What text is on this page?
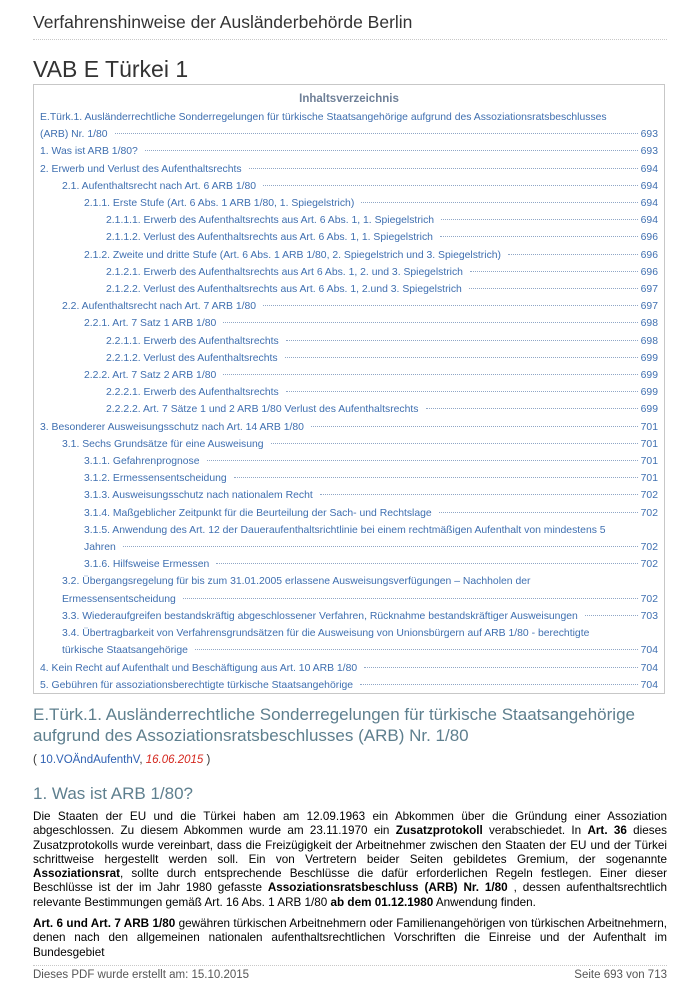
Verfahrenshinweise der Ausländerbehörde Berlin
VAB E Türkei 1
Inhaltsverzeichnis
E.Türk.1. Ausländerrechtliche Sonderregelungen für türkische Staatsangehörige aufgrund des Assoziationsratsbeschlusses
(ARB) Nr. 1/80	693
1. Was ist ARB 1/80?	693
2. Erwerb und Verlust des Aufenthaltsrechts	694
2.1. Aufenthaltsrecht nach Art. 6 ARB 1/80	694
2.1.1. Erste Stufe (Art. 6 Abs. 1 ARB 1/80, 1. Spiegelstrich)	694
2.1.1.1. Erwerb des Aufenthaltsrechts aus Art. 6 Abs. 1, 1. Spiegelstrich	694
2.1.1.2. Verlust des Aufenthaltsrechts aus Art. 6 Abs. 1, 1. Spiegelstrich	696
2.1.2. Zweite und dritte Stufe (Art. 6 Abs. 1 ARB 1/80, 2. Spiegelstrich und 3. Spiegelstrich)	696
2.1.2.1. Erwerb des Aufenthaltsrechts aus Art 6 Abs. 1, 2. und 3. Spiegelstrich	696
2.1.2.2. Verlust des Aufenthaltsrechts aus Art. 6 Abs. 1, 2.und 3. Spiegelstrich	697
2.2. Aufenthaltsrecht nach Art. 7 ARB 1/80	697
2.2.1. Art. 7 Satz 1 ARB 1/80	698
2.2.1.1. Erwerb des Aufenthaltsrechts	698
2.2.1.2. Verlust des Aufenthaltsrechts	699
2.2.2. Art. 7 Satz 2 ARB 1/80	699
2.2.2.1. Erwerb des Aufenthaltsrechts	699
2.2.2.2. Art. 7 Sätze 1 und 2 ARB 1/80 Verlust des Aufenthaltsrechts	699
3. Besonderer Ausweisungsschutz nach Art. 14 ARB 1/80	701
3.1. Sechs Grundsätze für eine Ausweisung	701
3.1.1. Gefahrenprognose	701
3.1.2. Ermessensentscheidung	701
3.1.3. Ausweisungsschutz nach nationalem Recht	702
3.1.4. Maßgeblicher Zeitpunkt für die Beurteilung der Sach- und Rechtslage	702
3.1.5. Anwendung des Art. 12 der Daueraufenthaltsrichtlinie bei einem rechtmäßigen Aufenthalt von mindestens 5
Jahren	702
3.1.6. Hilfsweise Ermessen	702
3.2. Übergangsregelung für bis zum 31.01.2005 erlassene Ausweisungsverfügungen – Nachholen der
Ermessensentscheidung	702
3.3. Wiederaufgreifen bestandskräftig abgeschlossener Verfahren, Rücknahme bestandskräftiger Ausweisungen	703
3.4. Übertragbarkeit von Verfahrensgrundsätzen für die Ausweisung von Unionsbürgern auf ARB 1/80 - berechtigte
türkische Staatsangehörige	704
4. Kein Recht auf Aufenthalt und Beschäftigung aus Art. 10 ARB 1/80	704
5. Gebühren für assoziationsberechtigte türkische Staatsangehörige	704
E.Türk.1. Ausländerrechtliche Sonderregelungen für türkische Staatsangehörige aufgrund des Assoziationsratsbeschlusses (ARB) Nr. 1/80
( 10.VOÄndAufenthV, 16.06.2015 )
1. Was ist ARB 1/80?

Die Staaten der EU und die Türkei haben am 12.09.1963 ein Abkommen über die Gründung einer Assoziation abgeschlossen. Zu diesem Abkommen wurde am 23.11.1970 ein Zusatzprotokoll verabschiedet. In Art. 36 dieses Zusatzprotokolls wurde vereinbart, dass die Freizügigkeit der Arbeitnehmer zwischen den Staaten der EU und der Türkei schrittweise hergestellt werden soll. Ein von Vertretern beider Seiten gebildetes Gremium, der sogenannte Assoziationsrat, sollte durch entsprechende Beschlüsse die dafür erforderlichen Regeln festlegen. Einer dieser Beschlüsse ist der im Jahr 1980 gefasste Assoziationsratsbeschluss (ARB) Nr. 1/80 , dessen aufenthaltsrechtlich relevante Bestimmungen gemäß Art. 16 Abs. 1 ARB 1/80 ab dem 01.12.1980 Anwendung finden.

Art. 6 und Art. 7 ARB 1/80 gewähren türkischen Arbeitnehmern oder Familienangehörigen von türkischen Arbeitnehmern, denen nach den allgemeinen nationalen aufenthaltsrechtlichen Vorschriften die Einreise und der Aufenthalt im Bundesgebiet

Dieses PDF wurde erstellt am: 15.10.2015	Seite 693 von 713
